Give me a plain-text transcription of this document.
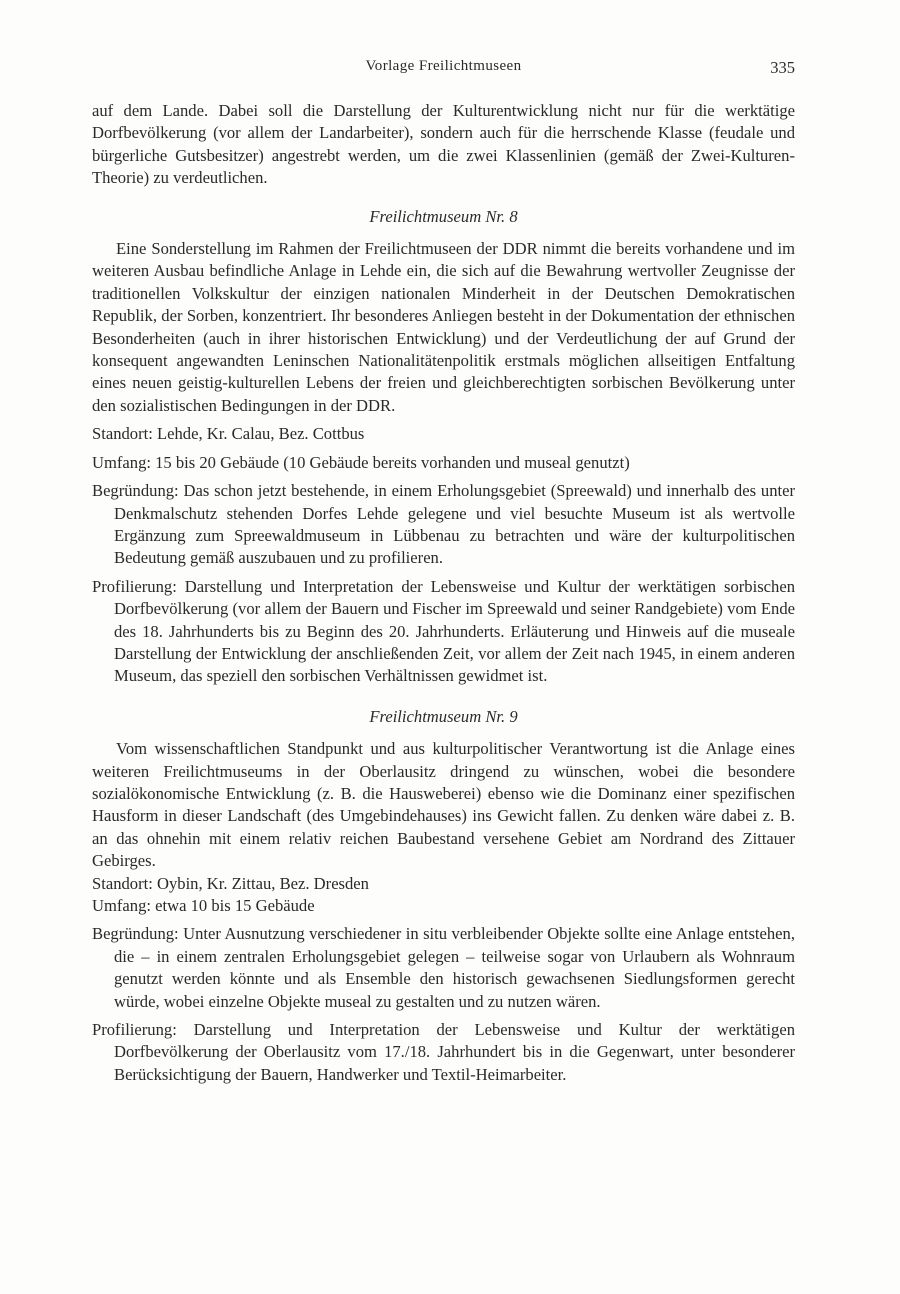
Vorlage Freilichtmuseen	335

auf dem Lande. Dabei soll die Darstellung der Kulturentwicklung nicht nur für die werktätige Dorfbevölkerung (vor allem der Landarbeiter), sondern auch für die herrschende Klasse (feudale und bürgerliche Gutsbesitzer) angestrebt werden, um die zwei Klassenlinien (gemäß der Zwei-Kulturen-Theorie) zu verdeutlichen.

Freilichtmuseum Nr. 8

Eine Sonderstellung im Rahmen der Freilichtmuseen der DDR nimmt die bereits vorhandene und im weiteren Ausbau befindliche Anlage in Lehde ein, die sich auf die Bewahrung wertvoller Zeugnisse der traditionellen Volkskultur der einzigen nationalen Minderheit in der Deutschen Demokratischen Republik, der Sorben, konzentriert. Ihr besonderes Anliegen besteht in der Dokumentation der ethnischen Besonderheiten (auch in ihrer historischen Entwicklung) und der Verdeutlichung der auf Grund der konsequent angewandten Leninschen Nationalitätenpolitik erstmals möglichen allseitigen Entfaltung eines neuen geistig-kulturellen Lebens der freien und gleichberechtigten sorbischen Bevölkerung unter den sozialistischen Bedingungen in der DDR.

Standort: Lehde, Kr. Calau, Bez. Cottbus

Umfang: 15 bis 20 Gebäude (10 Gebäude bereits vorhanden und museal genutzt)

Begründung: Das schon jetzt bestehende, in einem Erholungsgebiet (Spreewald) und innerhalb des unter Denkmalschutz stehenden Dorfes Lehde gelegene und viel besuchte Museum ist als wertvolle Ergänzung zum Spreewaldmuseum in Lübbenau zu betrachten und wäre der kulturpolitischen Bedeutung gemäß auszubauen und zu profilieren.

Profilierung: Darstellung und Interpretation der Lebensweise und Kultur der werktätigen sorbischen Dorfbevölkerung (vor allem der Bauern und Fischer im Spreewald und seiner Randgebiete) vom Ende des 18. Jahrhunderts bis zu Beginn des 20. Jahrhunderts. Erläuterung und Hinweis auf die museale Darstellung der Entwicklung der anschließenden Zeit, vor allem der Zeit nach 1945, in einem anderen Museum, das speziell den sorbischen Verhältnissen gewidmet ist.

Freilichtmuseum Nr. 9

Vom wissenschaftlichen Standpunkt und aus kulturpolitischer Verantwortung ist die Anlage eines weiteren Freilichtmuseums in der Oberlausitz dringend zu wünschen, wobei die besondere sozialökonomische Entwicklung (z. B. die Hausweberei) ebenso wie die Dominanz einer spezifischen Hausform in dieser Landschaft (des Umgebindehauses) ins Gewicht fallen. Zu denken wäre dabei z. B. an das ohnehin mit einem relativ reichen Baubestand versehene Gebiet am Nordrand des Zittauer Gebirges.

Standort: Oybin, Kr. Zittau, Bez. Dresden

Umfang: etwa 10 bis 15 Gebäude

Begründung: Unter Ausnutzung verschiedener in situ verbleibender Objekte sollte eine Anlage entstehen, die – in einem zentralen Erholungsgebiet gelegen – teilweise sogar von Urlaubern als Wohnraum genutzt werden könnte und als Ensemble den historisch gewachsenen Siedlungsformen gerecht würde, wobei einzelne Objekte museal zu gestalten und zu nutzen wären.

Profilierung: Darstellung und Interpretation der Lebensweise und Kultur der werktätigen Dorfbevölkerung der Oberlausitz vom 17./18. Jahrhundert bis in die Gegenwart, unter besonderer Berücksichtigung der Bauern, Handwerker und Textil-Heimarbeiter.
